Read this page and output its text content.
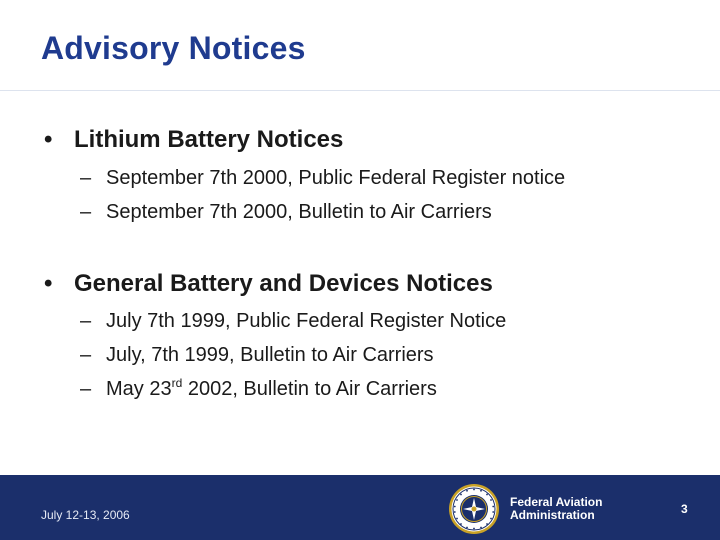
Advisory Notices
• Lithium Battery Notices
– September 7th 2000, Public Federal Register notice
– September 7th 2000, Bulletin to Air Carriers
• General Battery and Devices Notices
– July 7th 1999, Public Federal Register Notice
– July, 7th 1999, Bulletin to Air Carriers
– May 23rd 2002, Bulletin to Air Carriers
July 12-13, 2006
Federal Aviation
Administration	3
